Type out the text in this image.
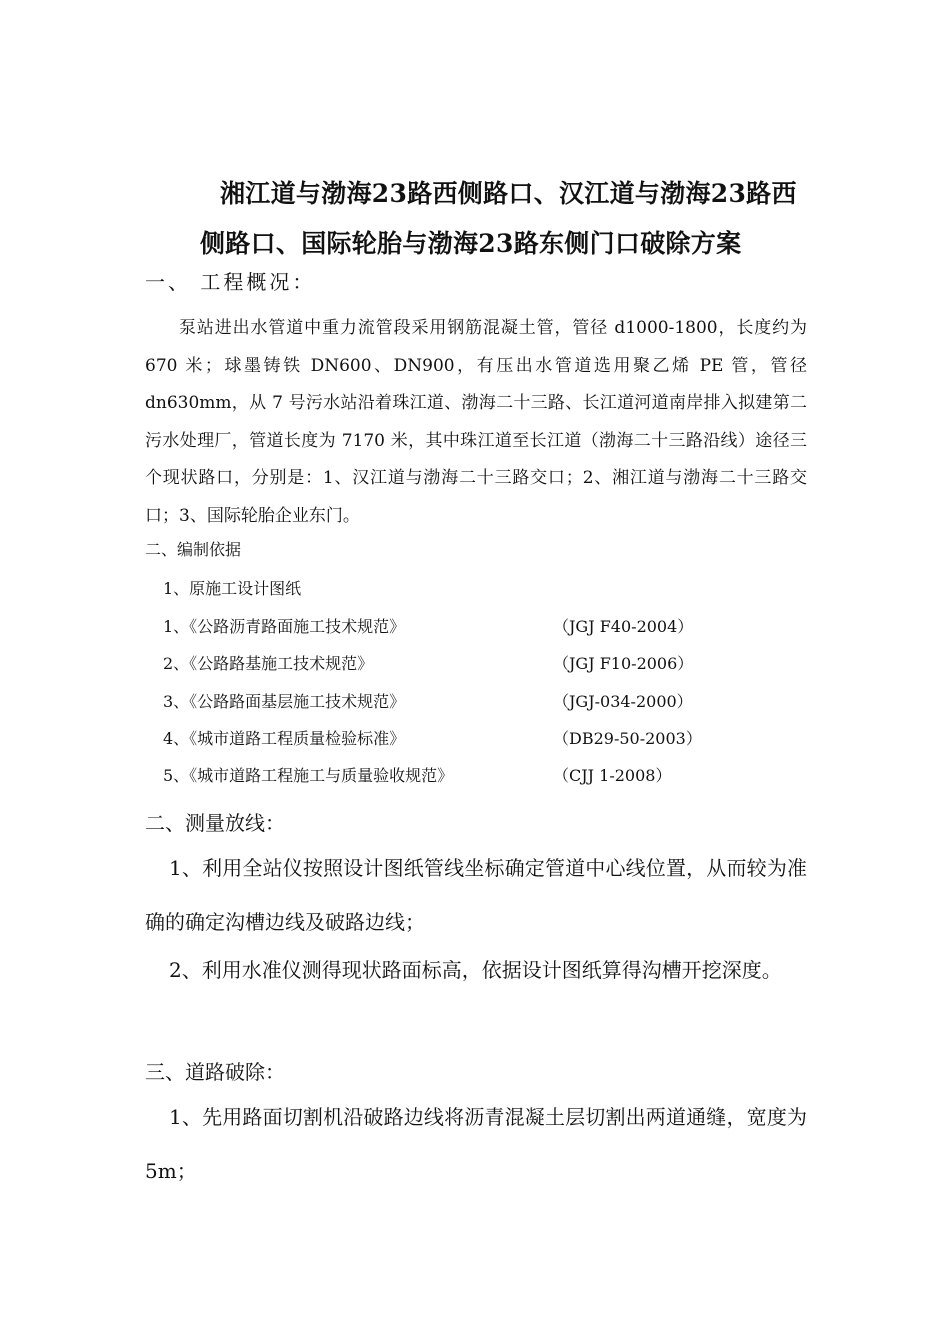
湘江道与渤海23路西侧路口、汉江道与渤海23路西
侧路口、国际轮胎与渤海23路东侧门口破除方案
一、 工程概况：
泵站进出水管道中重力流管段采用钢筋混凝土管，管径 d1000-1800，长度约为 670 米；球墨铸铁 DN600、DN900，有压出水管道选用聚乙烯 PE 管，管径 dn630mm，从 7 号污水站沿着珠江道、渤海二十三路、长江道河道南岸排入拟建第二污水处理厂，管道长度为 7170 米，其中珠江道至长江道（渤海二十三路沿线）途径三个现状路口，分别是：1、汉江道与渤海二十三路交口；2、湘江道与渤海二十三路交口；3、国际轮胎企业东门。
二、编制依据
1、原施工设计图纸
1、《公路沥青路面施工技术规范》	（JGJ F40-2004）
2、《公路路基施工技术规范》	（JGJ F10-2006）
3、《公路路面基层施工技术规范》	（JGJ-034-2000）
4、《城市道路工程质量检验标准》	（DB29-50-2003）
5、《城市道路工程施工与质量验收规范》	（CJJ 1-2008）
二、测量放线：
1、利用全站仪按照设计图纸管线坐标确定管道中心线位置，从而较为准确的确定沟槽边线及破路边线；
2、利用水准仪测得现状路面标高，依据设计图纸算得沟槽开挖深度。
三、道路破除：
1、先用路面切割机沿破路边线将沥青混凝土层切割出两道通缝，宽度为5m；
